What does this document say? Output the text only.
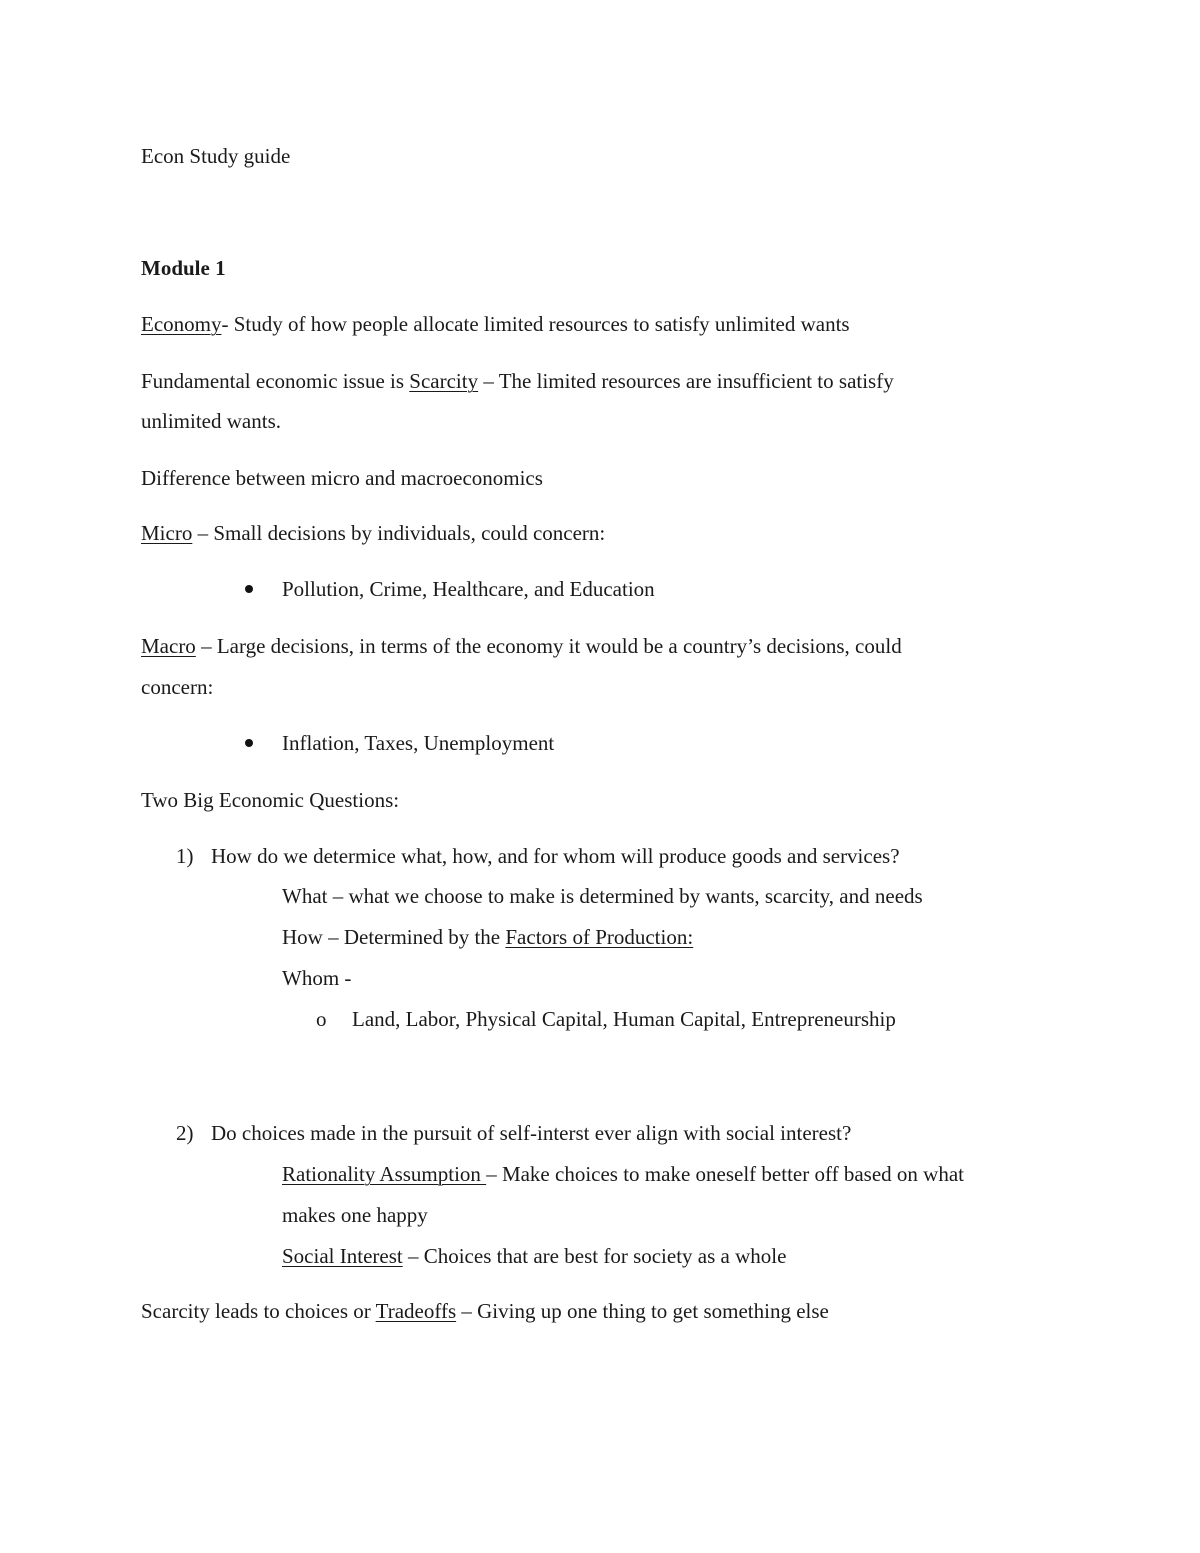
Econ Study guide
Module 1
Economy- Study of how people allocate limited resources to satisfy unlimited wants
Fundamental economic issue is Scarcity – The limited resources are insufficient to satisfy
unlimited wants.
Difference between micro and macroeconomics
Micro – Small decisions by individuals, could concern:
Pollution, Crime, Healthcare, and Education
Macro – Large decisions, in terms of the economy it would be a country’s decisions, could
concern:
Inflation, Taxes, Unemployment
Two Big Economic Questions:
1) How do we determice what, how, and for whom will produce goods and services?
What – what we choose to make is determined by wants, scarcity, and needs
How – Determined by the Factors of Production:
Whom -
o Land, Labor, Physical Capital, Human Capital, Entrepreneurship
2) Do choices made in the pursuit of self-interst ever align with social interest?
Rationality Assumption – Make choices to make oneself better off based on what
makes one happy
Social Interest – Choices that are best for society as a whole
Scarcity leads to choices or Tradeoffs – Giving up one thing to get something else
